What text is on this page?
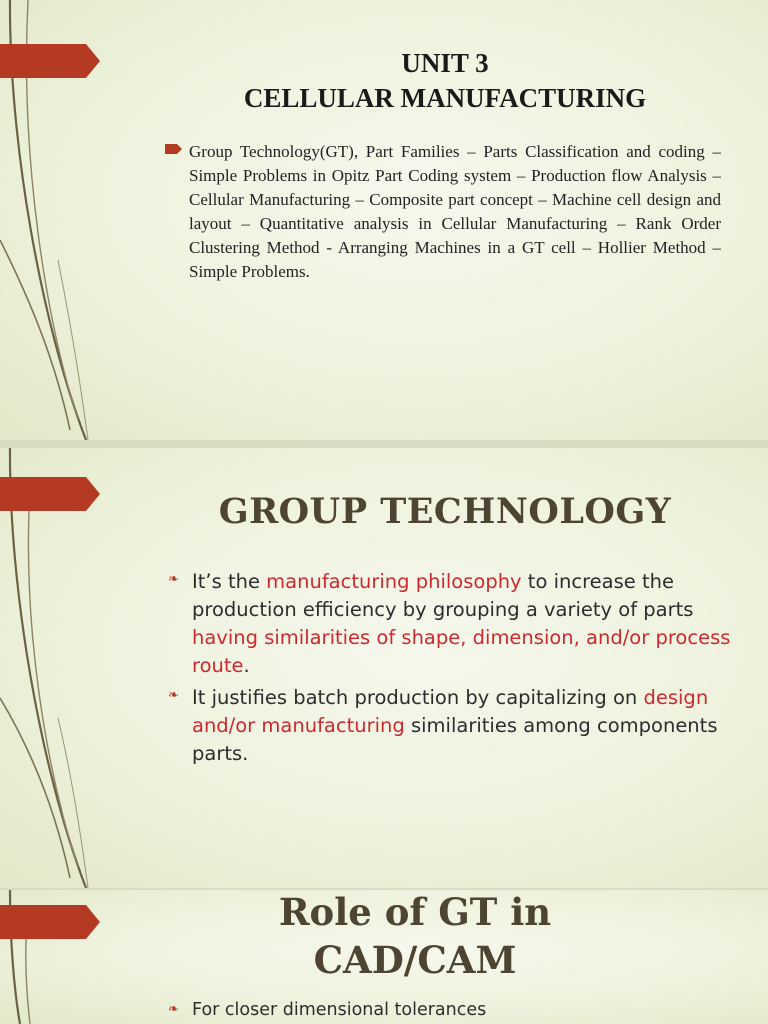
UNIT 3
CELLULAR MANUFACTURING
Group Technology(GT), Part Families – Parts Classification and coding – Simple Problems in Opitz Part Coding system – Production flow Analysis – Cellular Manufacturing – Composite part concept – Machine cell design and layout – Quantitative analysis in Cellular Manufacturing – Rank Order Clustering Method - Arranging Machines in a GT cell – Hollier Method – Simple Problems.
GROUP TECHNOLOGY
❧
It’s the manufacturing philosophy to increase the production efficiency by grouping a variety of parts having similarities of shape, dimension, and/or process route.
❧
It justifies batch production by capitalizing on design and/or manufacturing similarities among components parts.
Role of GT in
CAD/CAM
❧
For closer dimensional tolerances
